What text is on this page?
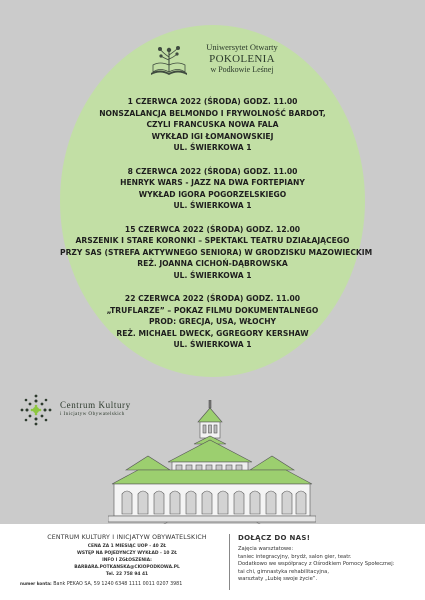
Uniwersytet Otwarty
POKOLENIA
w Podkowie Leśnej
1 CZERWCA 2022 (ŚRODA) GODZ. 11.00
NONSZALANCJA BELMONDO I FRYWOLNOŚĆ BARDOT,
CZYLI FRANCUSKA NOWA FALA
WYKŁAD IGI ŁOMANOWSKIEJ
UL. ŚWIERKOWA 1
8 CZERWCA 2022 (ŚRODA) GODZ. 11.00
HENRYK WARS - JAZZ NA DWA FORTEPIANY
WYKŁAD IGORA POGORZELSKIEGO
UL. ŚWIERKOWA 1
15 CZERWCA 2022 (ŚRODA) GODZ. 12.00
ARSZENIK I STARE KORONKI – SPEKTAKL TEATRU DZIAŁAJĄCEGO
PRZY SAS (STREFA AKTYWNEGO SENIORA) W GRODZISKU MAZOWIECKIM
REŻ. JOANNA CICHOŃ-DĄBROWSKA
UL. ŚWIERKOWA 1
22 CZERWCA 2022 (ŚRODA) GODZ. 11.00
„TRUFLARZE” – POKAZ FILMU DOKUMENTALNEGO
PROD: GRECJA, USA, WŁOCHY
REŻ. MICHAEL DWECK, GGREGORY KERSHAW
UL. ŚWIERKOWA 1
Centrum Kultury
i Inicjatyw Obywatelskich
CENTRUM KULTURY I INICJATYW OBYWATELSKICH
CENA ZA 1 MIESIĄC UOP - 40 ZŁ
WSTĘP NA POJEDYNCZY WYKŁAD - 10 ZŁ
INFO I ZGŁOSZENIA:
BARBARA.POTKANSKA@CKIOPODKOWA.PL
Tel. 22 758 94 41
numer konta: Bank PEKAO SA, 59 1240 6348 1111 0011 0207 3981
DOŁĄCZ DO NAS!
Zajęcia warsztatowe:
taniec integracyjny, brydż, salon gier, teatr.
Dodatkowo we współpracy z Ośrodkiem Pomocy Społecznej:
tai chi, gimnastyka rehabilitacyjna,
warsztaty „Lubię swoje życie”.
